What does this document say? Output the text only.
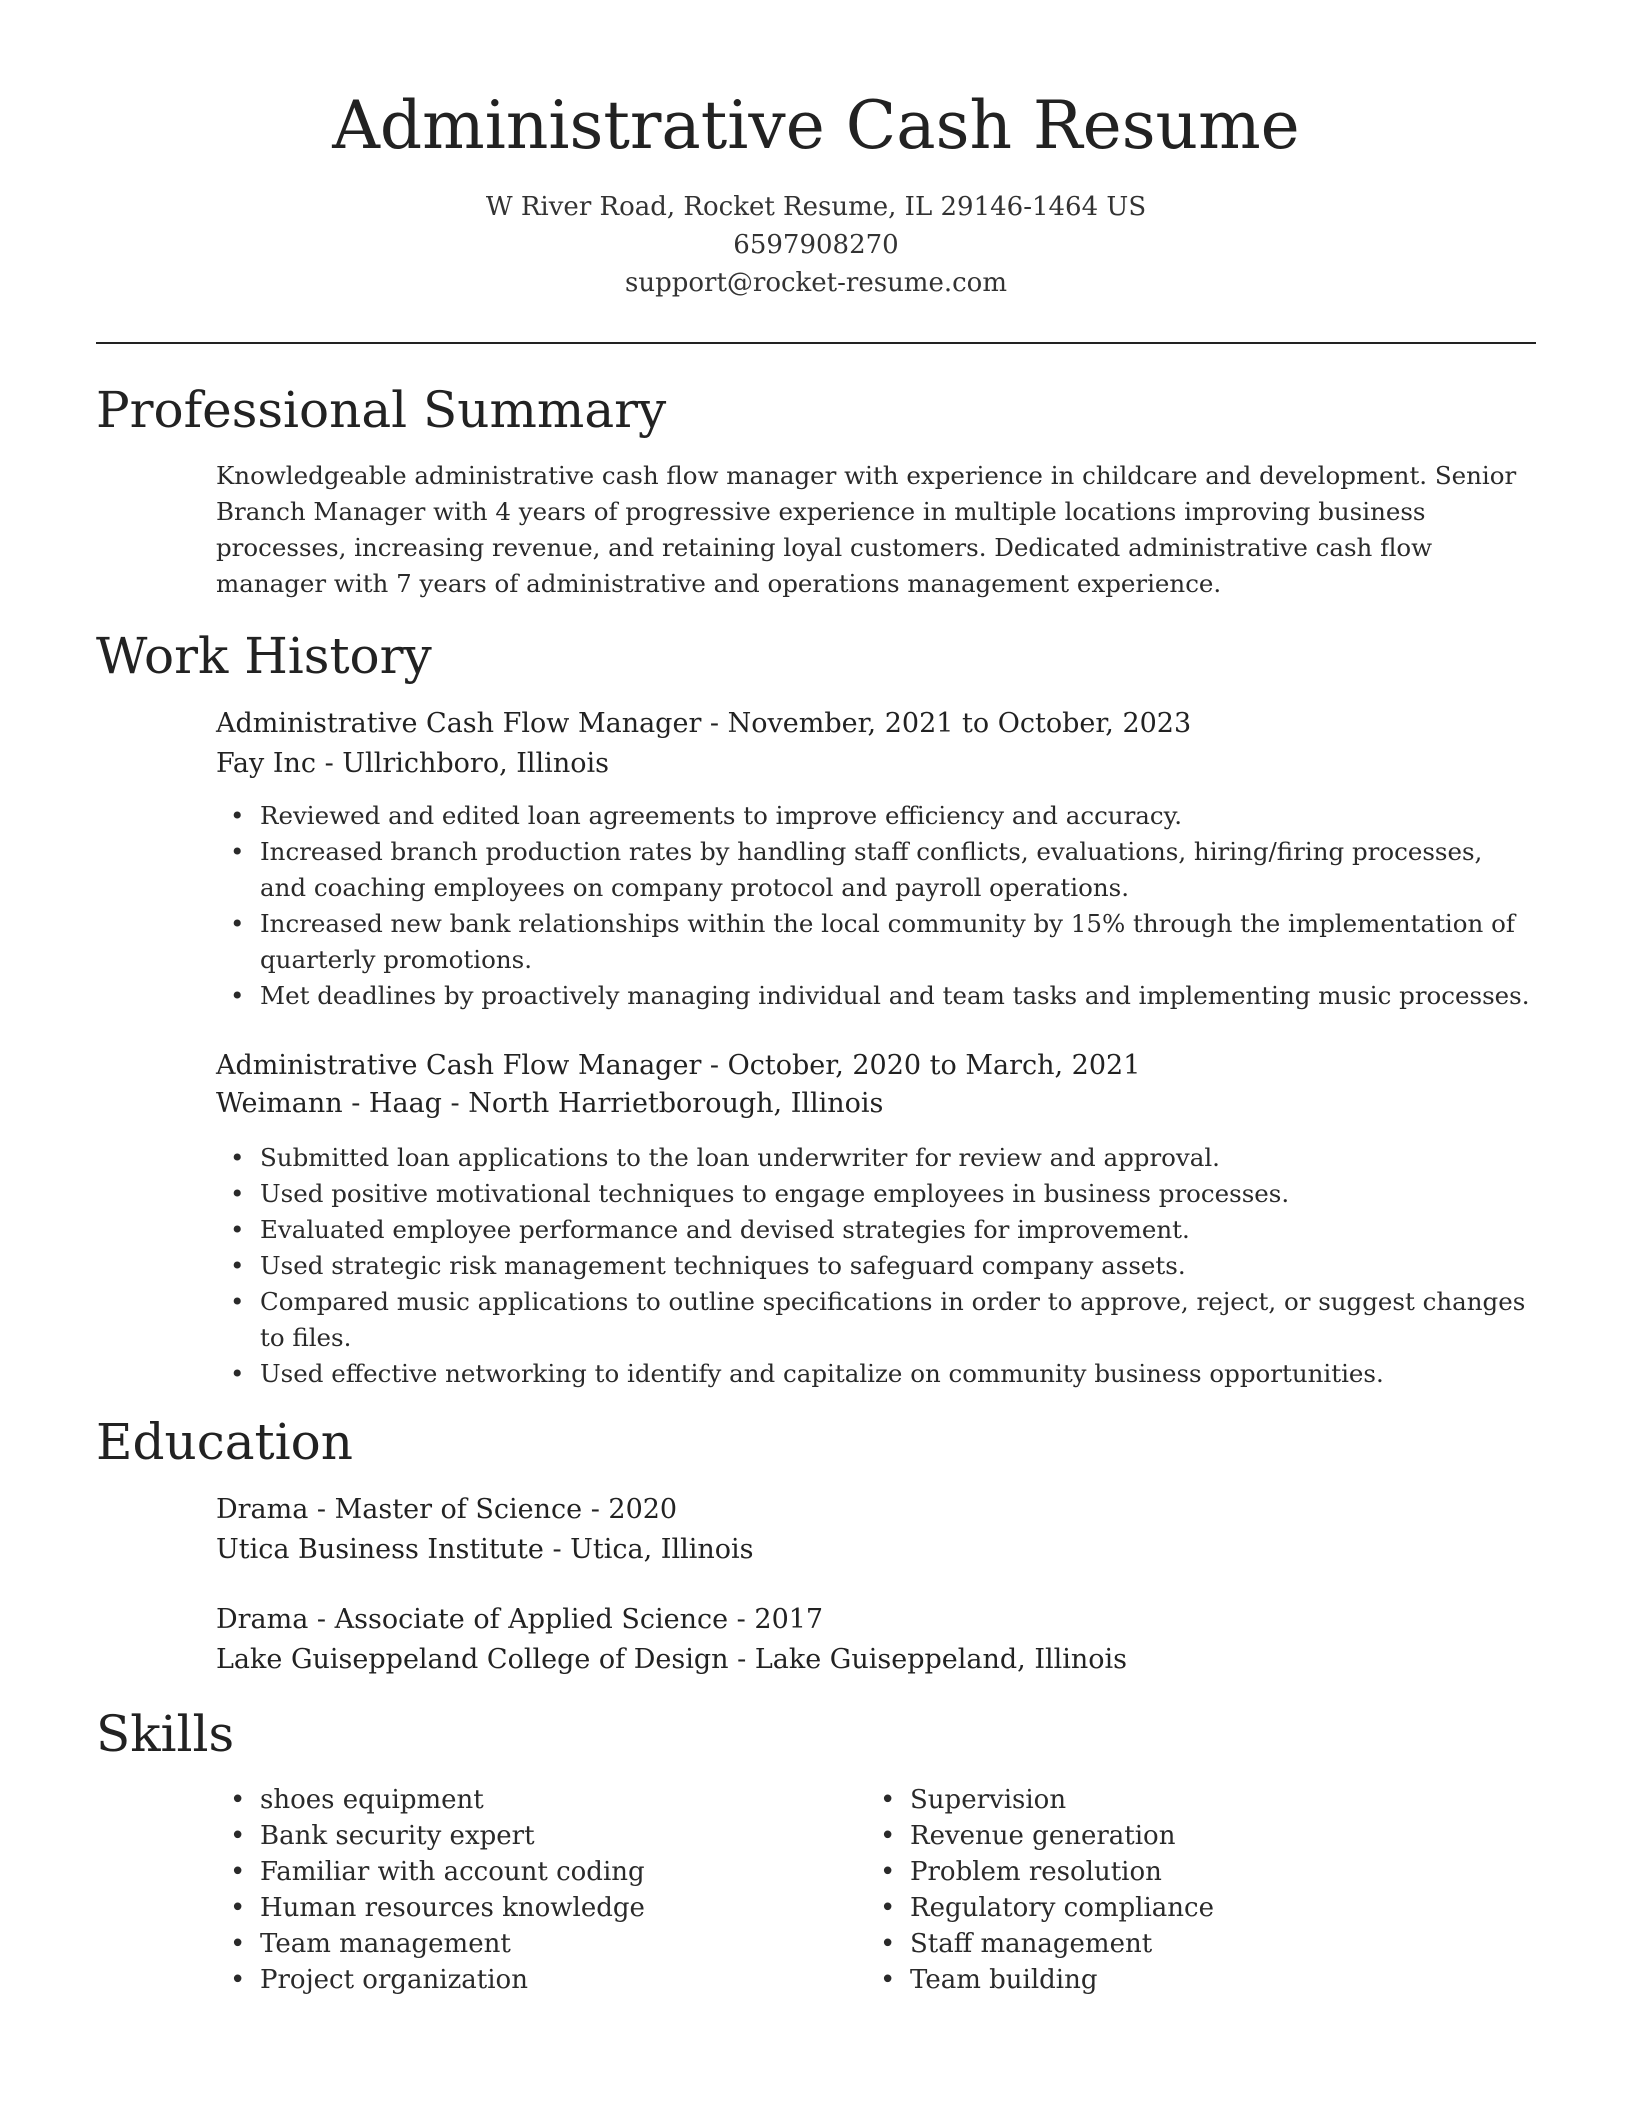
Administrative Cash Resume
W River Road, Rocket Resume, IL 29146-1464 US
6597908270
support@rocket-resume.com
Professional Summary

Knowledgeable administrative cash flow manager with experience in childcare and development. Senior Branch Manager with 4 years of progressive experience in multiple locations improving business processes, increasing revenue, and retaining loyal customers. Dedicated administrative cash flow manager with 7 years of administrative and operations management experience.

Work History
Administrative Cash Flow Manager - November, 2021 to October, 2023
Fay Inc - Ullrichboro, Illinois
• Reviewed and edited loan agreements to improve efficiency and accuracy.
• Increased branch production rates by handling staff conflicts, evaluations, hiring/firing processes, and coaching employees on company protocol and payroll operations.
• Increased new bank relationships within the local community by 15% through the implementation of quarterly promotions.
• Met deadlines by proactively managing individual and team tasks and implementing music processes.
Administrative Cash Flow Manager - October, 2020 to March, 2021
Weimann - Haag - North Harrietborough, Illinois
• Submitted loan applications to the loan underwriter for review and approval.
• Used positive motivational techniques to engage employees in business processes.
• Evaluated employee performance and devised strategies for improvement.
• Used strategic risk management techniques to safeguard company assets.
• Compared music applications to outline specifications in order to approve, reject, or suggest changes to files.
• Used effective networking to identify and capitalize on community business opportunities.
Education
Drama - Master of Science - 2020
Utica Business Institute - Utica, Illinois
Drama - Associate of Applied Science - 2017
Lake Guiseppeland College of Design - Lake Guiseppeland, Illinois
Skills
• shoes equipment
• Bank security expert
• Familiar with account coding
• Human resources knowledge
• Team management
• Project organization
• Supervision
• Revenue generation
• Problem resolution
• Regulatory compliance
• Staff management
• Team building
